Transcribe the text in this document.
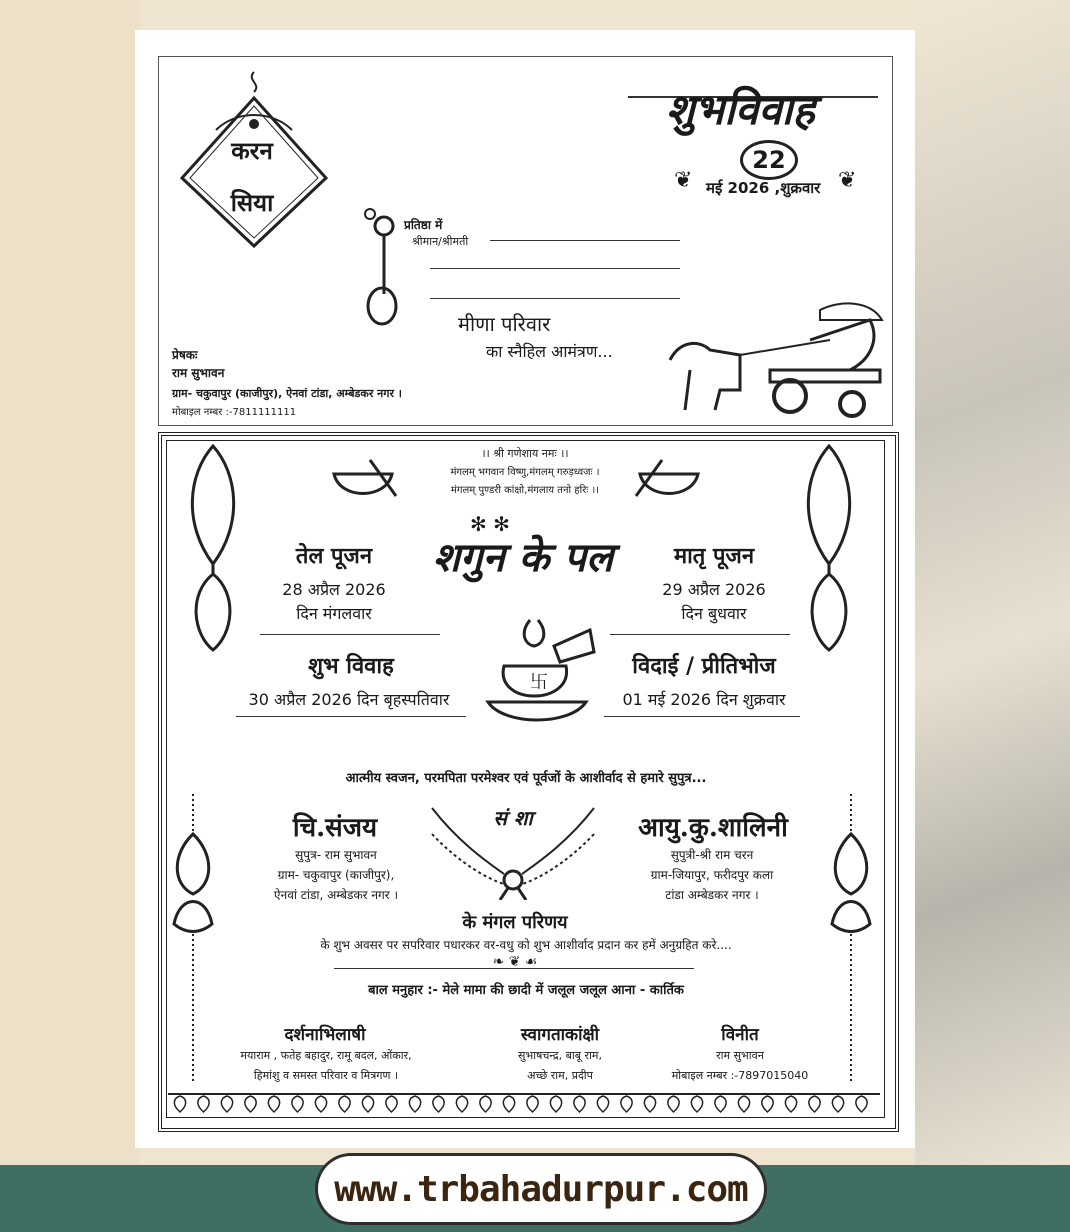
करन
सिया
शुभविवाह
22
मई 2026 ,शुक्रवार
❦	❦
प्रतिष्ठा में
श्रीमान/श्रीमती
मीणा परिवार
का स्नैहिल आमंत्रण...
प्रेषकः
राम सुभावन
ग्राम- चकुवापुर (काजीपुर), ऐनवां टांडा, अम्बेडकर नगर ।
मोबाइल नम्बर :-7811111111
।। श्री गणेशाय नमः ।।
मंगलम् भगवान विष्णु,मंगलम् गरुड़ध्वजः ।
मंगलम् पुण्डरी कांक्षो,मंगलाय तनो हरिः ।।
तेल पूजन
28 अप्रैल 2026
दिन मंगलवार
शगुन के पल
✻ ✻
मातृ पूजन
29 अप्रैल 2026
दिन बुधवार
शुभ विवाह
30 अप्रैल 2026 दिन बृहस्पतिवार
卐
विदाई / प्रीतिभोज
01 मई 2026 दिन शुक्रवार
आत्मीय स्वजन, परमपिता परमेश्वर एवं पूर्वजों के आशीर्वाद से हमारे सुपुत्र...
चि.संजय
सुपुत्र- राम सुभावन
ग्राम- चकुवापुर (काजीपुर),
ऐनवां टांडा, अम्बेडकर नगर ।
सं शा	आयु.कु.शालिनी
सुपुत्री-श्री राम चरन
ग्राम-जियापुर, फरीदपुर कला
टांडा अम्बेडकर नगर ।
के मंगल परिणय
के शुभ अवसर पर सपरिवार पधारकर वर-वधु को शुभ आशीर्वाद प्रदान कर हमें अनुग्रहित करे....
❧ ❦ ☙
बाल मनुहार :- मेले मामा की छादी में जलूल जलूल आना - कार्तिक
दर्शनाभिलाषी
मयाराम , फतेह बहादुर, रामू बदल, ओंकार,
हिमांशु व समस्त परिवार व मित्रगण ।
स्वागताकांक्षी
सुभाषचन्द्र, बाबू राम,
अच्छे राम, प्रदीप
विनीत
राम सुभावन
मोबाइल नम्बर :-7897015040
www.trbahadurpur.com
